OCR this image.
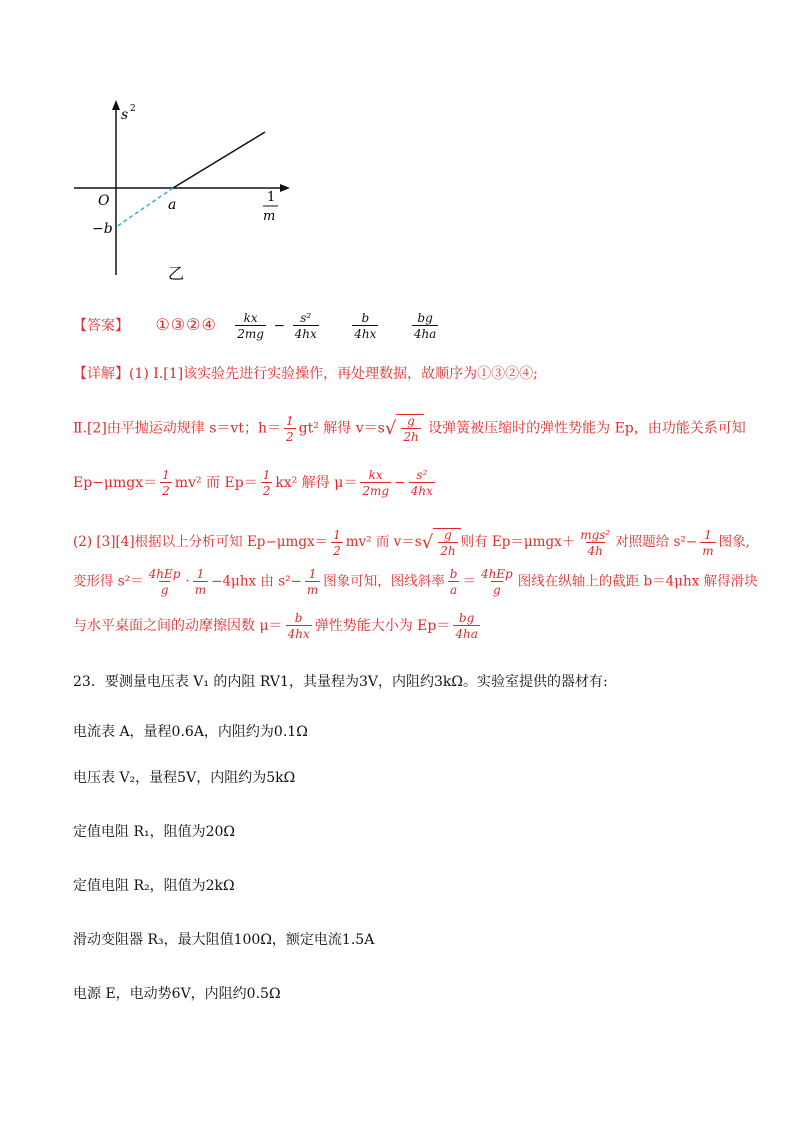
s 2
O	a
−b
1
m
乙
【答案】 ①③②④ $\frac{kx}{2mg} - \frac{\text{s²}}{4hx}$
	$\frac{b}{4hx}$
	$\frac{bg}{4ha}$
【详解】(1) Ⅰ.[1]该实验先进行实验操作，再处理数据，故顺序为①③②④;
Ⅱ.[2]由平抛运动规律 s＝vt；$h= \frac{1}{2} gt^2$ 解得 v＝s √ $\frac{g}{2h}$ 设弹簧被压缩时的弹性势能为 Ep，由功能关系可知
$Ep-\mu mgx= \frac{1}{2} mv^2$ 而 $Ep= \frac{1}{2} kx^2$ 解得 $\mu= \frac{kx}{2mg} - \frac{\text{s²}}{4hx}$
(2) [3][4]根据以上分析可知 $Ep-\mu mgx= \frac{1}{2} mv^2$ 而 v＝s √ $\frac{g}{2h}$ 则有 $Ep=\mu mgx+ \frac{\text{mgs²}}{4h}$ 对照题给 $s^2- \frac{1}{m}$ 图象,
变形得 $s^2= \frac{\text{4hEp}}{g} \cdot \frac{1}{m} -4\mu hx$ 由 $s^2- \frac{1}{m}$ 图象可知，图线斜率 $\frac{b}{a} = \frac{\text{4hEp}}{g}$ 图线在纵轴上的截距 b＝4μhx 解得滑块
与水平桌面之间的动摩擦因数 $\mu= \frac{b}{4hx}$ 弹性势能大小为 $Ep= \frac{bg}{4ha}$
23．要测量电压表 V₁ 的内阻 RV1，其量程为3V，内阻约3kΩ。实验室提供的器材有:
电流表 A，量程0.6A，内阻约为0.1Ω
电压表 V₂，量程5V，内阻约为5kΩ
定值电阻 R₁，阻值为20Ω
定值电阻 R₂，阻值为2kΩ
滑动变阻器 R₃，最大阻值100Ω，额定电流1.5A
电源 E，电动势6V，内阻约0.5Ω
